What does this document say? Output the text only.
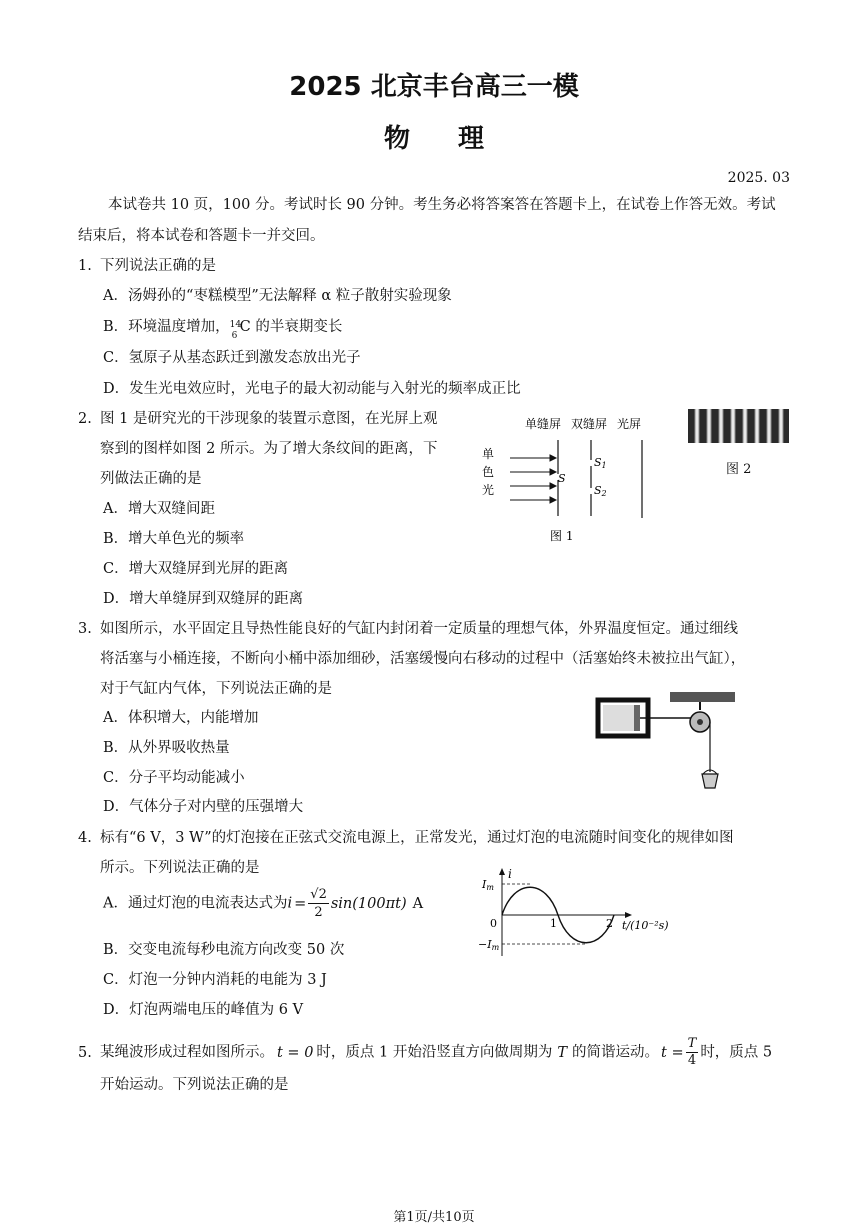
2025 北京丰台高三一模
物理
2025. 03
本试卷共 10 页，100 分。考试时长 90 分钟。考生务必将答案答在答题卡上，在试卷上作答无效。考试
结束后，将本试卷和答题卡一并交回。
1. 下列说法正确的是
A．汤姆孙的“枣糕模型”无法解释 α 粒子散射实验现象
B．环境温度增加， 14
6
C 的半衰期变长
C．氢原子从基态跃迁到激发态放出光子
D．发生光电效应时，光电子的最大初动能与入射光的频率成正比
2. 图 1 是研究光的干涉现象的装置示意图，在光屏上观
察到的图样如图 2 所示。为了增大条纹间的距离，下
列做法正确的是
A．增大双缝间距
B．增大单色光的频率
C．增大双缝屏到光屏的距离
D．增大单缝屏到双缝屏的距离
单缝屏 双缝屏 光屏
单
色
光
S
S1
S2
图 1
图 2
3. 如图所示，水平固定且导热性能良好的气缸内封闭着一定质量的理想气体，外界温度恒定。通过细线
将活塞与小桶连接，不断向小桶中添加细砂，活塞缓慢向右移动的过程中（活塞始终未被拉出气缸），
对于气缸内气体，下列说法正确的是
A．体积增大，内能增加
B．从外界吸收热量
C．分子平均动能减小
D．气体分子对内壁的压强增大
4. 标有“6 V，3 W”的灯泡接在正弦式交流电源上，正常发光，通过灯泡的电流随时间变化的规律如图
所示。下列说法正确的是
A．通过灯泡的电流表达式为$i = \frac{√2}{2} \sin(100\pi t)$ A
B．交变电流每秒电流方向改变 50 次
C．灯泡一分钟内消耗的电能为 3 J
D．灯泡两端电压的峰值为 6 V
i
Im
−Im
0	1	2 t/(10⁻²s)
5. 某绳波形成过程如图所示。 t = 0 时，质点 1 开始沿竖直方向做周期为 T 的简谐运动。 $t = \frac{T}{4}$ 时，质点 5
开始运动。下列说法正确的是
第1页/共10页
